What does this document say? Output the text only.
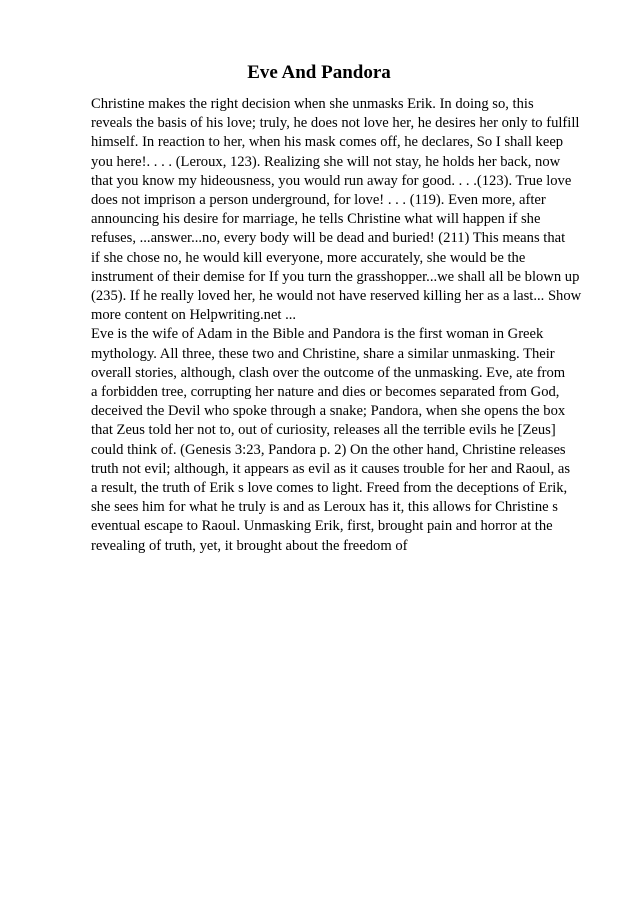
Eve And Pandora
Christine makes the right decision when she unmasks Erik. In doing so, this
reveals the basis of his love; truly, he does not love her, he desires her only to fulfill
himself. In reaction to her, when his mask comes off, he declares, So I shall keep
you here!. . . . (Leroux, 123). Realizing she will not stay, he holds her back, now
that you know my hideousness, you would run away for good. . . .(123). True love
does not imprison a person underground, for love! . . . (119). Even more, after
announcing his desire for marriage, he tells Christine what will happen if she
refuses, ...answer...no, every body will be dead and buried! (211) This means that
if she chose no, he would kill everyone, more accurately, she would be the
instrument of their demise for If you turn the grasshopper...we shall all be blown up
(235). If he really loved her, he would not have reserved killing her as a last... Show
more content on Helpwriting.net ...
Eve is the wife of Adam in the Bible and Pandora is the first woman in Greek
mythology. All three, these two and Christine, share a similar unmasking. Their
overall stories, although, clash over the outcome of the unmasking. Eve, ate from
a forbidden tree, corrupting her nature and dies or becomes separated from God,
deceived the Devil who spoke through a snake; Pandora, when she opens the box
that Zeus told her not to, out of curiosity, releases all the terrible evils he [Zeus]
could think of. (Genesis 3:23, Pandora p. 2) On the other hand, Christine releases
truth not evil; although, it appears as evil as it causes trouble for her and Raoul, as
a result, the truth of Erik s love comes to light. Freed from the deceptions of Erik,
she sees him for what he truly is and as Leroux has it, this allows for Christine s
eventual escape to Raoul. Unmasking Erik, first, brought pain and horror at the
revealing of truth, yet, it brought about the freedom of
